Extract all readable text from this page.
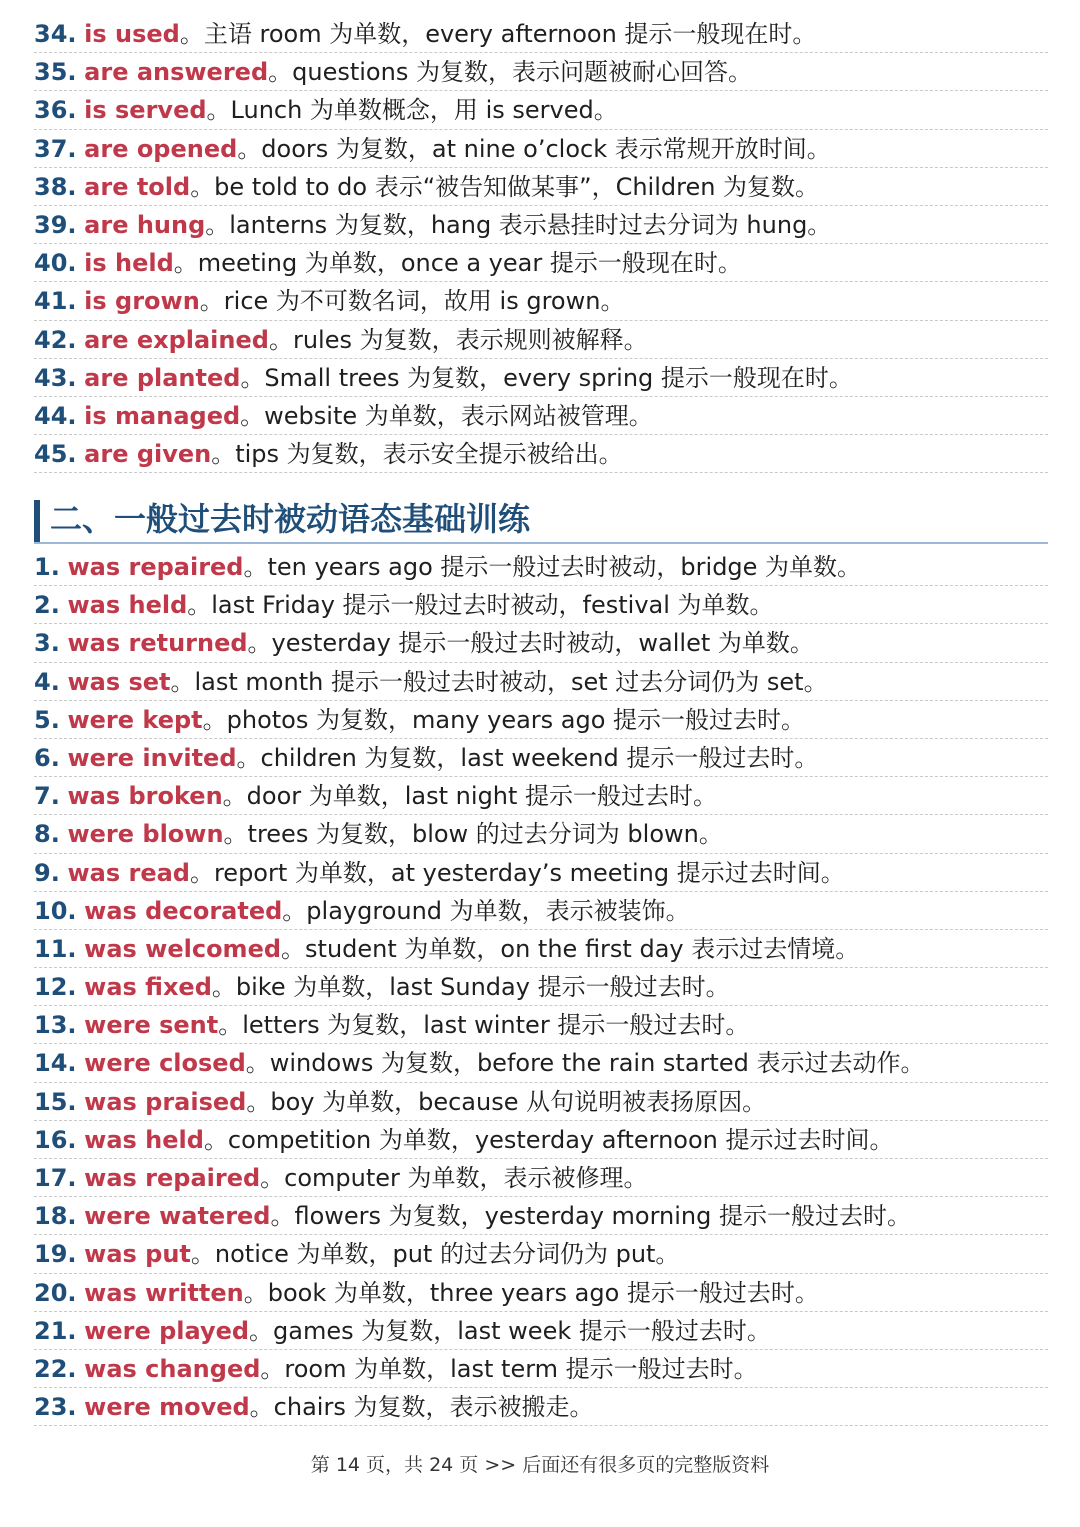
34. is used。主语 room 为单数，every afternoon 提示一般现在时。
35. are answered。questions 为复数，表示问题被耐心回答。
36. is served。Lunch 为单数概念，用 is served。
37. are opened。doors 为复数，at nine o’clock 表示常规开放时间。
38. are told。be told to do 表示“被告知做某事”，Children 为复数。
39. are hung。lanterns 为复数，hang 表示悬挂时过去分词为 hung。
40. is held。meeting 为单数，once a year 提示一般现在时。
41. is grown。rice 为不可数名词，故用 is grown。
42. are explained。rules 为复数，表示规则被解释。
43. are planted。Small trees 为复数，every spring 提示一般现在时。
44. is managed。website 为单数，表示网站被管理。
45. are given。tips 为复数，表示安全提示被给出。
二、一般过去时被动语态基础训练
1. was repaired。ten years ago 提示一般过去时被动，bridge 为单数。
2. was held。last Friday 提示一般过去时被动，festival 为单数。
3. was returned。yesterday 提示一般过去时被动，wallet 为单数。
4. was set。last month 提示一般过去时被动，set 过去分词仍为 set。
5. were kept。photos 为复数，many years ago 提示一般过去时。
6. were invited。children 为复数，last weekend 提示一般过去时。
7. was broken。door 为单数，last night 提示一般过去时。
8. were blown。trees 为复数，blow 的过去分词为 blown。
9. was read。report 为单数，at yesterday’s meeting 提示过去时间。
10. was decorated。playground 为单数，表示被装饰。
11. was welcomed。student 为单数，on the first day 表示过去情境。
12. was fixed。bike 为单数，last Sunday 提示一般过去时。
13. were sent。letters 为复数，last winter 提示一般过去时。
14. were closed。windows 为复数，before the rain started 表示过去动作。
15. was praised。boy 为单数，because 从句说明被表扬原因。
16. was held。competition 为单数，yesterday afternoon 提示过去时间。
17. was repaired。computer 为单数，表示被修理。
18. were watered。flowers 为复数，yesterday morning 提示一般过去时。
19. was put。notice 为单数，put 的过去分词仍为 put。
20. was written。book 为单数，three years ago 提示一般过去时。
21. were played。games 为复数，last week 提示一般过去时。
22. was changed。room 为单数，last term 提示一般过去时。
23. were moved。chairs 为复数，表示被搬走。
第 14 页，共 24 页 >> 后面还有很多页的完整版资料
